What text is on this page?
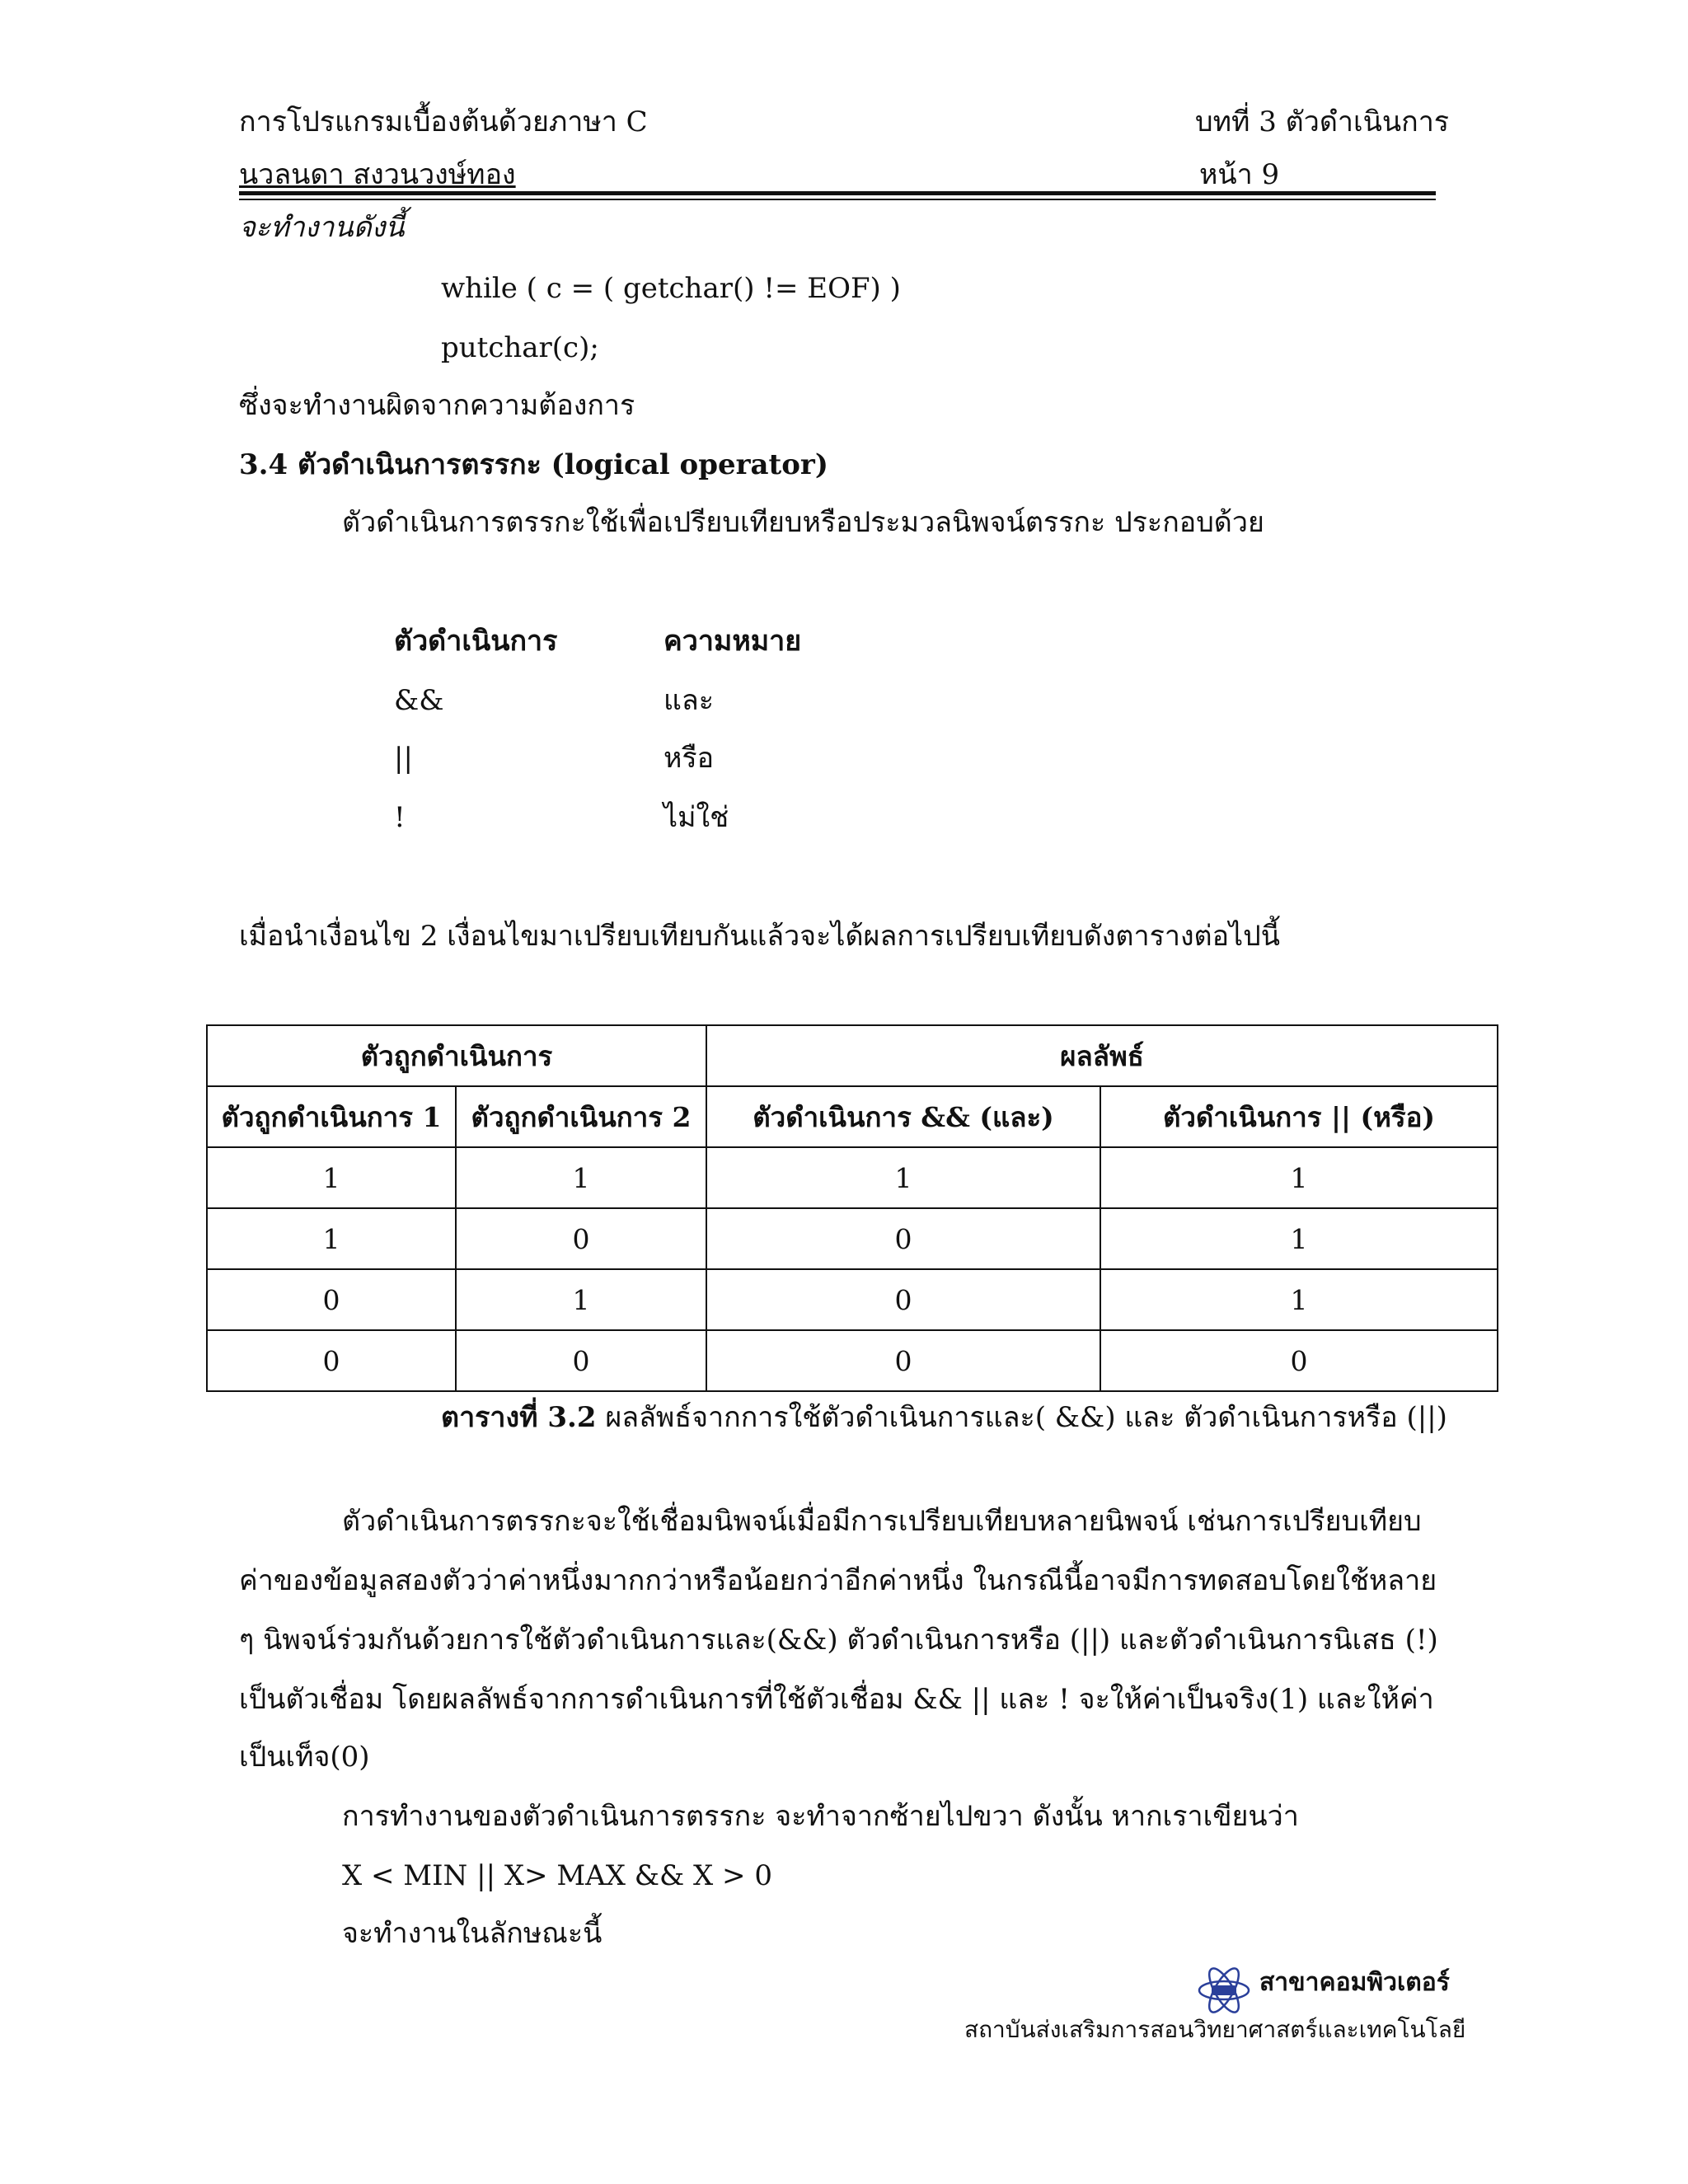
การโปรแกรมเบื้องต้นด้วยภาษา C	บทที่ 3 ตัวดำเนินการ
นวลนดา สงวนวงษ์ทอง	หน้า 9
จะทำงานดังนี้
while ( c = ( getchar() != EOF) )
putchar(c);
ซึ่งจะทำงานผิดจากความต้องการ
3.4 ตัวดำเนินการตรรกะ (logical operator)
ตัวดำเนินการตรรกะใช้เพื่อเปรียบเทียบหรือประมวลนิพจน์ตรรกะ ประกอบด้วย
ตัวดำเนินการ	ความหมาย
&&	และ
||	หรือ
!	ไม่ใช่
เมื่อนำเงื่อนไข 2 เงื่อนไขมาเปรียบเทียบกันแล้วจะได้ผลการเปรียบเทียบดังตารางต่อไปนี้
ตัวถูกดำเนินการ		ผลลัพธ์	
ตัวถูกดำเนินการ 1	ตัวถูกดำเนินการ 2	ตัวดำเนินการ && (และ)	ตัวดำเนินการ || (หรือ)
1	1	1	1
1	0	0	1
0	1	0	1
0	0	0	0
ตารางที่ 3.2 ผลลัพธ์จากการใช้ตัวดำเนินการและ( &&) และ ตัวดำเนินการหรือ (||)
ตัวดำเนินการตรรกะจะใช้เชื่อมนิพจน์เมื่อมีการเปรียบเทียบหลายนิพจน์ เช่นการเปรียบเทียบ
ค่าของข้อมูลสองตัวว่าค่าหนึ่งมากกว่าหรือน้อยกว่าอีกค่าหนึ่ง ในกรณีนี้อาจมีการทดสอบโดยใช้หลาย
ๆ นิพจน์ร่วมกันด้วยการใช้ตัวดำเนินการและ(&&) ตัวดำเนินการหรือ (||) และตัวดำเนินการนิเสธ (!)
เป็นตัวเชื่อม โดยผลลัพธ์จากการดำเนินการที่ใช้ตัวเชื่อม && || และ ! จะให้ค่าเป็นจริง(1) และให้ค่า
เป็นเท็จ(0)
การทำงานของตัวดำเนินการตรรกะ จะทำจากซ้ายไปขวา ดังนั้น หากเราเขียนว่า
X < MIN || X> MAX && X > 0
จะทำงานในลักษณะนี้
สาขาคอมพิวเตอร์
สถาบันส่งเสริมการสอนวิทยาศาสตร์และเทคโนโลยี
